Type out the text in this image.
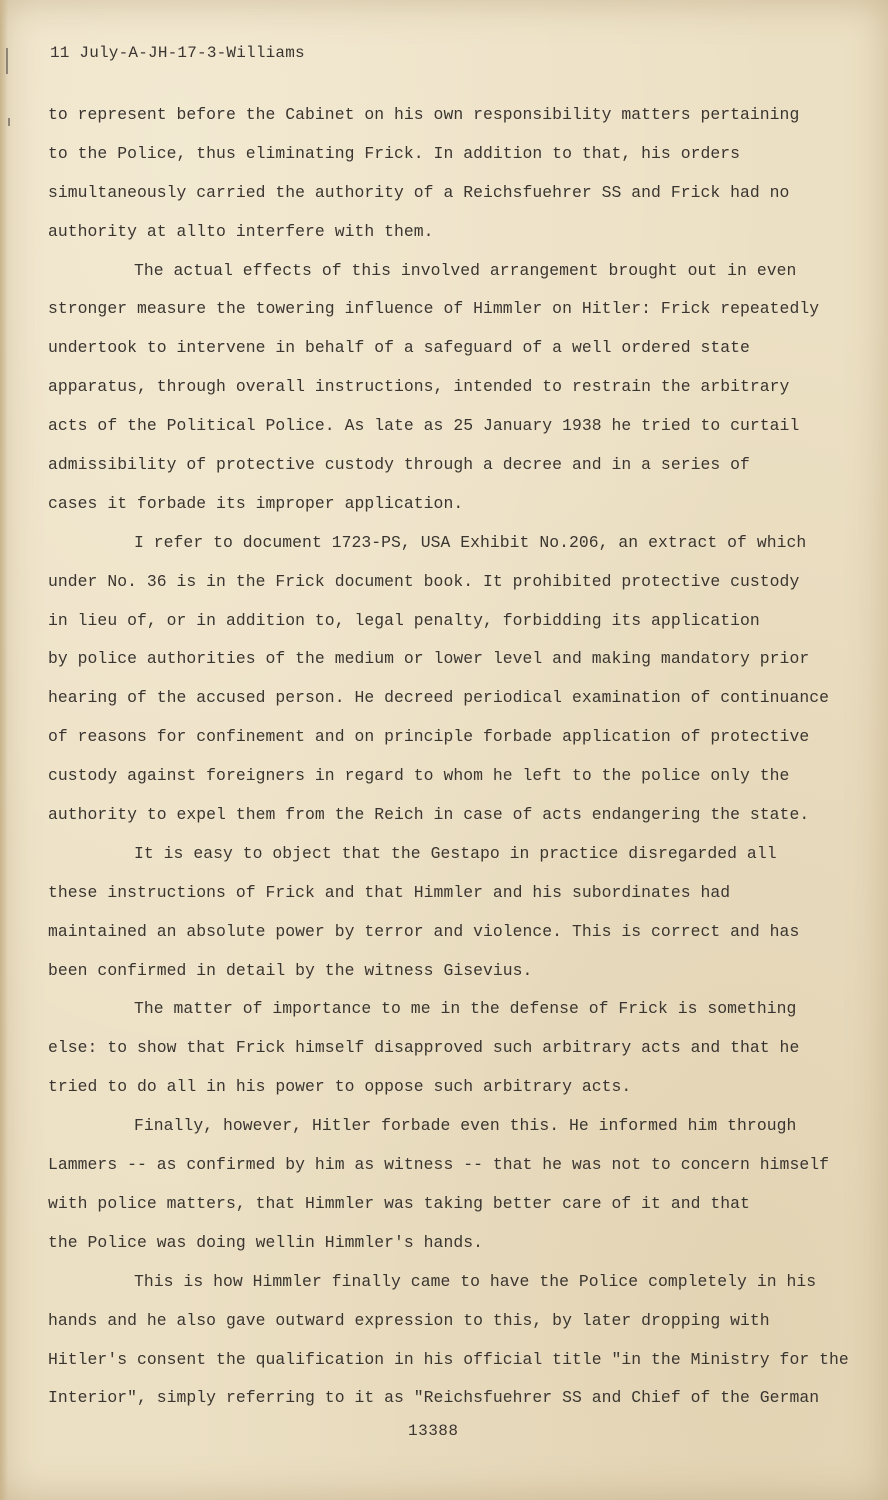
11 July-A-JH-17-3-Williams
to represent before the Cabinet on his own responsibility matters pertaining
to the Police, thus eliminating Frick. In addition to that, his orders
simultaneously carried the authority of a Reichsfuehrer SS and Frick had no
authority at allto interfere with them.
The actual effects of this involved arrangement brought out in even
stronger measure the towering influence of Himmler on Hitler: Frick repeatedly
undertook to intervene in behalf of a safeguard of a well ordered state
apparatus, through overall instructions, intended to restrain the arbitrary
acts of the Political Police. As late as 25 January 1938 he tried to curtail
admissibility of protective custody through a decree and in a series of
cases it forbade its improper application.
I refer to document 1723-PS, USA Exhibit No.206, an extract of which
under No. 36 is in the Frick document book. It prohibited protective custody
in lieu of, or in addition to, legal penalty, forbidding its application
by police authorities of the medium or lower level and making mandatory prior
hearing of the accused person. He decreed periodical examination of continuance
of reasons for confinement and on principle forbade application of protective
custody against foreigners in regard to whom he left to the police only the
authority to expel them from the Reich in case of acts endangering the state.
It is easy to object that the Gestapo in practice disregarded all
these instructions of Frick and that Himmler and his subordinates had
maintained an absolute power by terror and violence. This is correct and has
been confirmed in detail by the witness Gisevius.
The matter of importance to me in the defense of Frick is something
else: to show that Frick himself disapproved such arbitrary acts and that he
tried to do all in his power to oppose such arbitrary acts.
Finally, however, Hitler forbade even this. He informed him through
Lammers -- as confirmed by him as witness -- that he was not to concern himself
with police matters, that Himmler was taking better care of it and that
the Police was doing wellin Himmler's hands.
This is how Himmler finally came to have the Police completely in his
hands and he also gave outward expression to this, by later dropping with
Hitler's consent the qualification in his official title "in the Ministry for the
Interior", simply referring to it as "Reichsfuehrer SS and Chief of the German
13388
